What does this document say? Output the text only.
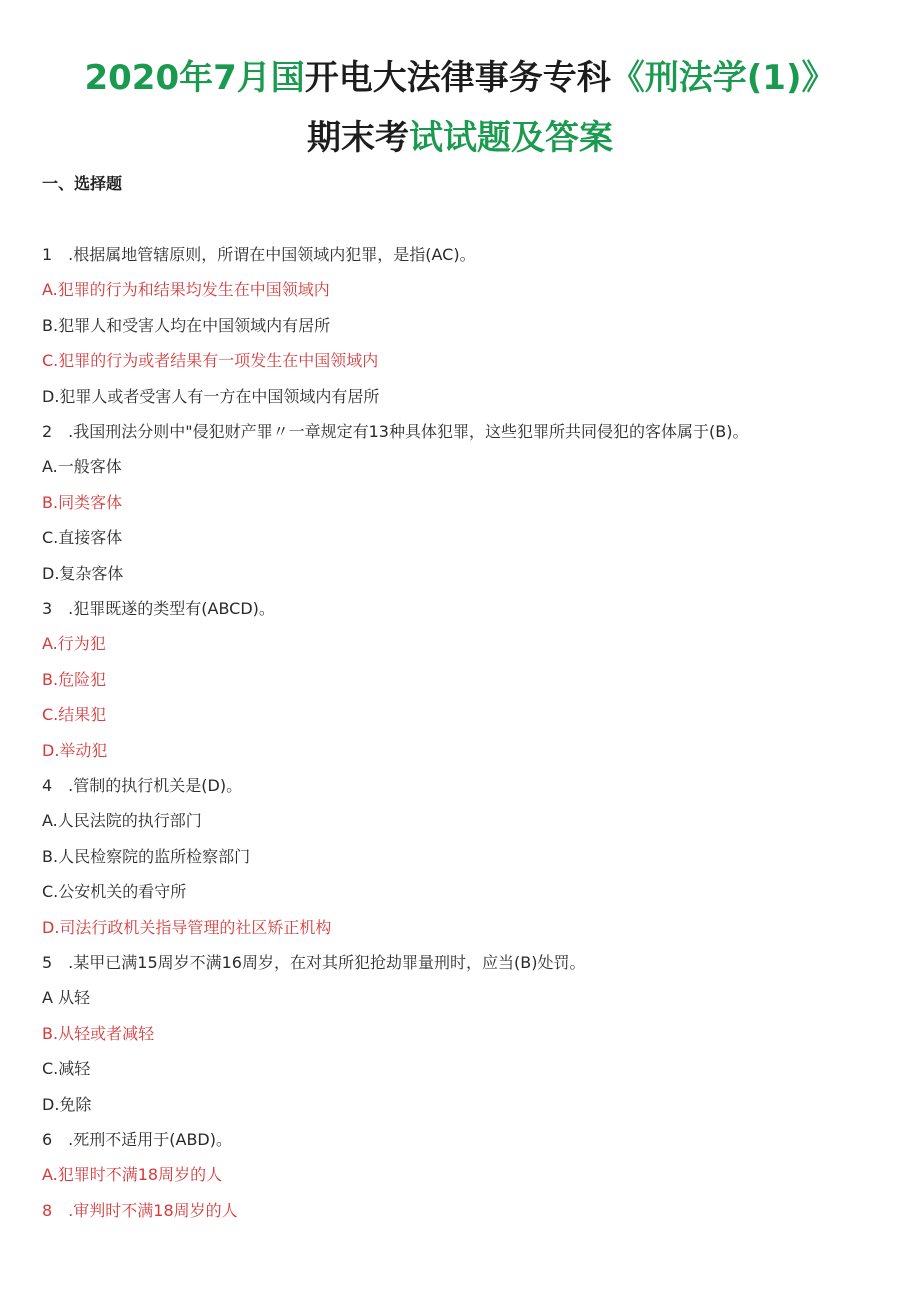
2020年7月国开电大法律事务专科《刑法学(1)》
期末考试试题及答案
一、选择题
1　.根据属地管辖原则，所谓在中国领域内犯罪，是指(AC)。
A.犯罪的行为和结果均发生在中国领域内
B.犯罪人和受害人均在中国领域内有居所
C.犯罪的行为或者结果有一项发生在中国领域内
D.犯罪人或者受害人有一方在中国领域内有居所
2　.我国刑法分则中"侵犯财产罪〃一章规定有13种具体犯罪，这些犯罪所共同侵犯的客体属于(B)。
A.一般客体
B.同类客体
C.直接客体
D.复杂客体
3　.犯罪既遂的类型有(ABCD)。
A.行为犯
B.危险犯
C.结果犯
D.举动犯
4　.管制的执行机关是(D)。
A.人民法院的执行部门
B.人民检察院的监所检察部门
C.公安机关的看守所
D.司法行政机关指导管理的社区矫正机构
5　.某甲已满15周岁不满16周岁，在对其所犯抢劫罪量刑时，应当(B)处罚。
A 从轻
B.从轻或者减轻
C.减轻
D.免除
6　.死刑不适用于(ABD)。
A.犯罪时不满18周岁的人
8　.审判时不满18周岁的人
